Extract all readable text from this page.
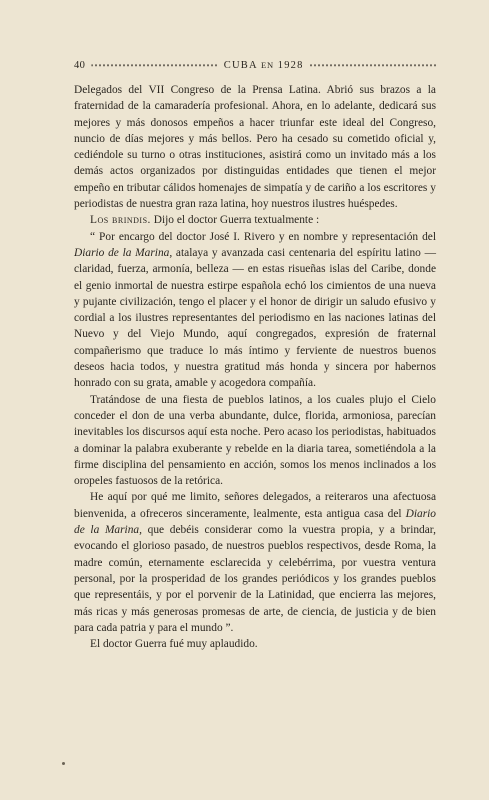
40	CUBA EN 1928

Delegados del VII Congreso de la Prensa Latina. Abrió sus brazos a la fraternidad de la camaradería profesional. Ahora, en lo adelante, dedicará sus mejores y más donosos empeños a hacer triunfar este ideal del Congreso, nuncio de días mejores y más bellos. Pero ha cesado su cometido oficial y, cediéndole su turno o otras instituciones, asistirá como un invitado más a los demás actos organizados por distinguidas entidades que tienen el mejor empeño en tributar cálidos homenajes de simpatía y de cariño a los escritores y periodistas de nuestra gran raza latina, hoy nuestros ilustres huéspedes.

Los brindis. Dijo el doctor Guerra textualmente :

“ Por encargo del doctor José I. Rivero y en nombre y representación del Diario de la Marina, atalaya y avanzada casi centenaria del espíritu latino — claridad, fuerza, armonía, belleza — en estas risueñas islas del Caribe, donde el genio inmortal de nuestra estirpe española echó los cimientos de una nueva y pujante civilización, tengo el placer y el honor de dirigir un saludo efusivo y cordial a los ilustres representantes del periodismo en las naciones latinas del Nuevo y del Viejo Mundo, aquí congregados, expresión de fraternal compañerismo que traduce lo más íntimo y ferviente de nuestros buenos deseos hacia todos, y nuestra gratitud más honda y sincera por habernos honrado con su grata, amable y acogedora compañía.

Tratándose de una fiesta de pueblos latinos, a los cuales plujo el Cielo conceder el don de una verba abundante, dulce, florida, armoniosa, parecían inevitables los discursos aquí esta noche. Pero acaso los periodistas, habituados a dominar la palabra exuberante y rebelde en la diaria tarea, sometiéndola a la firme disciplina del pensamiento en acción, somos los menos inclinados a los oropeles fastuosos de la retórica.

He aquí por qué me limito, señores delegados, a reiteraros una afectuosa bienvenida, a ofreceros sinceramente, lealmente, esta antigua casa del Diario de la Marina, que debéis considerar como la vuestra propia, y a brindar, evocando el glorioso pasado, de nuestros pueblos respectivos, desde Roma, la madre común, eternamente esclarecida y celebérrima, por vuestra ventura personal, por la prosperidad de los grandes periódicos y los grandes pueblos que representáis, y por el porvenir de la Latinidad, que encierra las mejores, más ricas y más generosas promesas de arte, de ciencia, de justicia y de bien para cada patria y para el mundo ”.

El doctor Guerra fué muy aplaudido.
